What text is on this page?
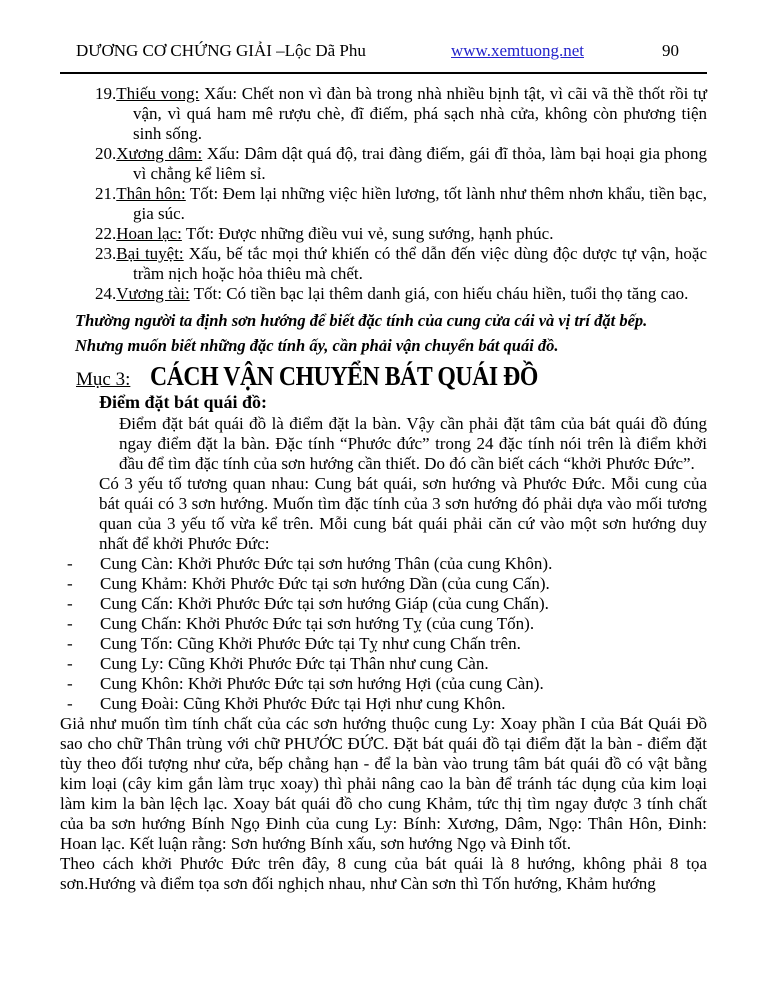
DƯƠNG CƠ CHỨNG GIẢI –Lộc Dã Phu	www.xemtuong.net	90
19.Thiếu vong: Xấu: Chết non vì đàn bà trong nhà nhiều bịnh tật, vì cãi vã thề thốt rồi tự vận, vì quá ham mê rượu chè, đĩ điếm, phá sạch nhà cửa, không còn phương tiện sinh sống.
20.Xương dâm: Xấu: Dâm dật quá độ, trai đàng điếm, gái đĩ thỏa, làm bại hoại gia phong vì chẳng kể liêm sỉ.
21.Thân hôn: Tốt: Đem lại những việc hiền lương, tốt lành như thêm nhơn khẩu, tiền bạc, gia súc.
22.Hoan lạc: Tốt: Được những điều vui vẻ, sung sướng, hạnh phúc.
23.Bại tuyệt: Xấu, bế tắc mọi thứ khiến có thể dẫn đến việc dùng độc dược tự vận, hoặc trầm nịch hoặc hỏa thiêu mà chết.
24.Vương tài: Tốt: Có tiền bạc lại thêm danh giá, con hiếu cháu hiền, tuổi thọ tăng cao.
Thường người ta định sơn hướng để biết đặc tính của cung cửa cái và vị trí đặt bếp.
Nhưng muốn biết những đặc tính ấy, cần phải vận chuyển bát quái đồ.
Mục 3: CÁCH VẬN CHUYỂN BÁT QUÁI ĐỒ
Điểm đặt bát quái đồ:
Điểm đặt bát quái đồ là điểm đặt la bàn. Vậy cần phải đặt tâm của bát quái đồ đúng ngay điểm đặt la bàn. Đặc tính “Phước đức” trong 24 đặc tính nói trên là điểm khởi đầu để tìm đặc tính của sơn hướng cần thiết. Do đó cần biết cách “khởi Phước Đức”.
Có 3 yếu tố tương quan nhau: Cung bát quái, sơn hướng và Phước Đức. Mỗi cung của bát quái có 3 sơn hướng. Muốn tìm đặc tính của 3 sơn hướng đó phải dựa vào mối tương quan của 3 yếu tố vừa kể trên. Mỗi cung bát quái phải căn cứ vào một sơn hướng duy nhất để khởi Phước Đức:
- Cung Càn: Khởi Phước Đức tại sơn hướng Thân (của cung Khôn).
- Cung Khảm: Khởi Phước Đức tại sơn hướng Dần (của cung Cấn).
- Cung Cấn: Khởi Phước Đức tại sơn hướng Giáp (của cung Chấn).
- Cung Chấn: Khởi Phước Đức tại sơn hướng Tỵ (của cung Tốn).
- Cung Tốn: Cũng Khởi Phước Đức tại Tỵ như cung Chấn trên.
- Cung Ly: Cũng Khởi Phước Đức tại Thân như cung Càn.
- Cung Khôn: Khởi Phước Đức tại sơn hướng Hợi (của cung Càn).
- Cung Đoài: Cũng Khởi Phước Đức tại Hợi như cung Khôn.
Giả như muốn tìm tính chất của các sơn hướng thuộc cung Ly: Xoay phần I của Bát Quái Đồ sao cho chữ Thân trùng với chữ PHƯỚC ĐỨC. Đặt bát quái đồ tại điểm đặt la bàn - điểm đặt tùy theo đối tượng như cửa, bếp chẳng hạn - để la bàn vào trung tâm bát quái đồ có vật bằng kim loại (cây kim gắn làm trục xoay) thì phải nâng cao la bàn để tránh tác dụng của kim loại làm kim la bàn lệch lạc. Xoay bát quái đồ cho cung Khảm, tức thị tìm ngay được 3 tính chất của ba sơn hướng Bính Ngọ Đinh của cung Ly: Bính: Xương, Dâm, Ngọ: Thân Hôn, Đinh: Hoan lạc. Kết luận rằng: Sơn hướng Bính xấu, sơn hướng Ngọ và Đinh tốt.
Theo cách khởi Phước Đức trên đây, 8 cung của bát quái là 8 hướng, không phải 8 tọa sơn.Hướng và điểm tọa sơn đối nghịch nhau, như Càn sơn thì Tốn hướng, Khảm hướng
